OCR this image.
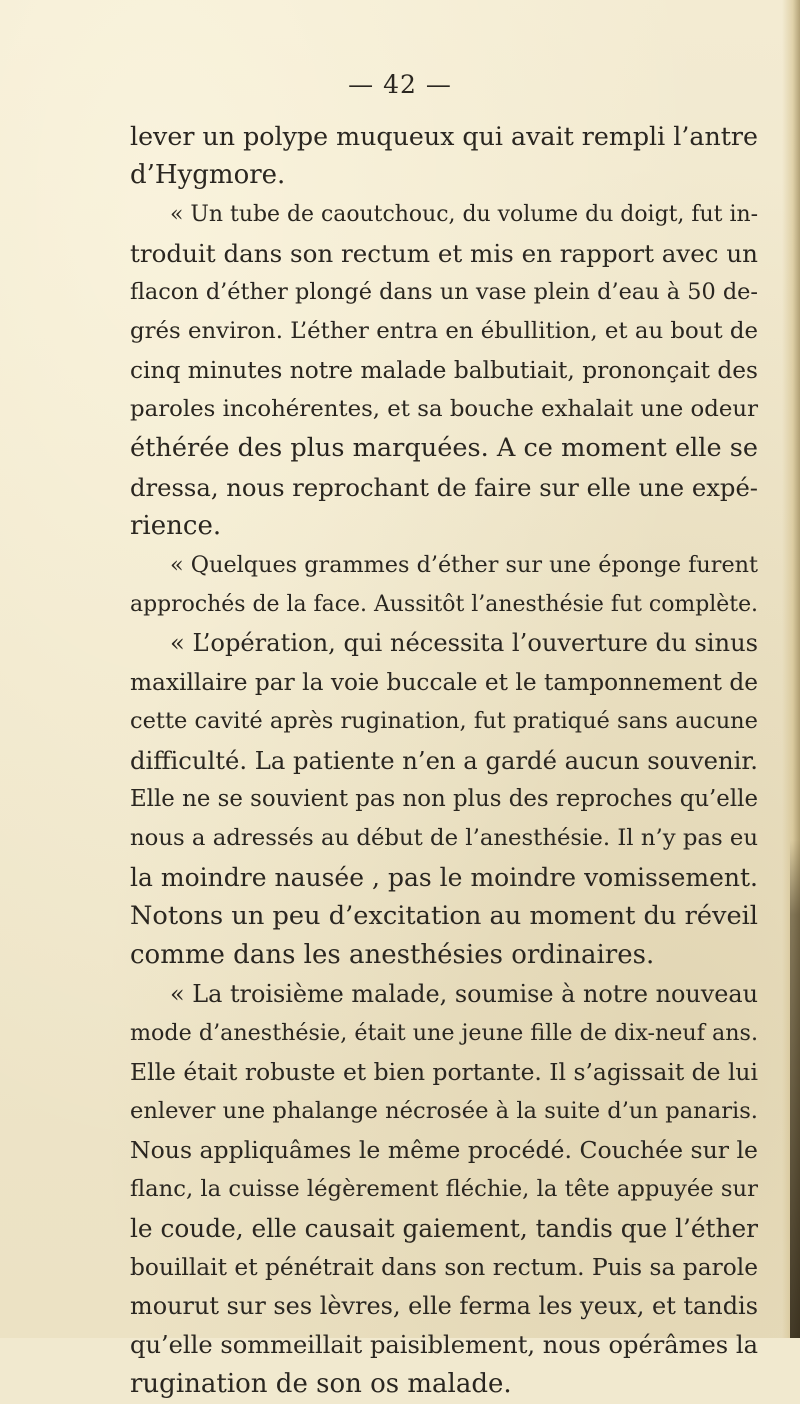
— 42 —
lever un polype muqueux qui avait rempli l’antre
d’Hygmore.
« Un tube de caoutchouc, du volume du doigt, fut in-
troduit dans son rectum et mis en rapport avec un
flacon d’éther plongé dans un vase plein d’eau à 50 de-
grés environ. L’éther entra en ébullition, et au bout de
cinq minutes notre malade balbutiait, prononçait des
paroles incohérentes, et sa bouche exhalait une odeur
éthérée des plus marquées. A ce moment elle se
dressa, nous reprochant de faire sur elle une expé-
rience.
« Quelques grammes d’éther sur une éponge furent
approchés de la face. Aussitôt l’anesthésie fut complète.
« L’opération, qui nécessita l’ouverture du sinus
maxillaire par la voie buccale et le tamponnement de
cette cavité après rugination, fut pratiqué sans aucune
difficulté. La patiente n’en a gardé aucun souvenir.
Elle ne se souvient pas non plus des reproches qu’elle
nous a adressés au début de l’anesthésie. Il n’y pas eu
la moindre nausée , pas le moindre vomissement.
Notons un peu d’excitation au moment du réveil
comme dans les anesthésies ordinaires.
« La troisième malade, soumise à notre nouveau
mode d’anesthésie, était une jeune fille de dix-neuf ans.
Elle était robuste et bien portante. Il s’agissait de lui
enlever une phalange nécrosée à la suite d’un panaris.
Nous appliquâmes le même procédé. Couchée sur le
flanc, la cuisse légèrement fléchie, la tête appuyée sur
le coude, elle causait gaiement, tandis que l’éther
bouillait et pénétrait dans son rectum. Puis sa parole
mourut sur ses lèvres, elle ferma les yeux, et tandis
qu’elle sommeillait paisiblement, nous opérâmes la
rugination de son os malade.
